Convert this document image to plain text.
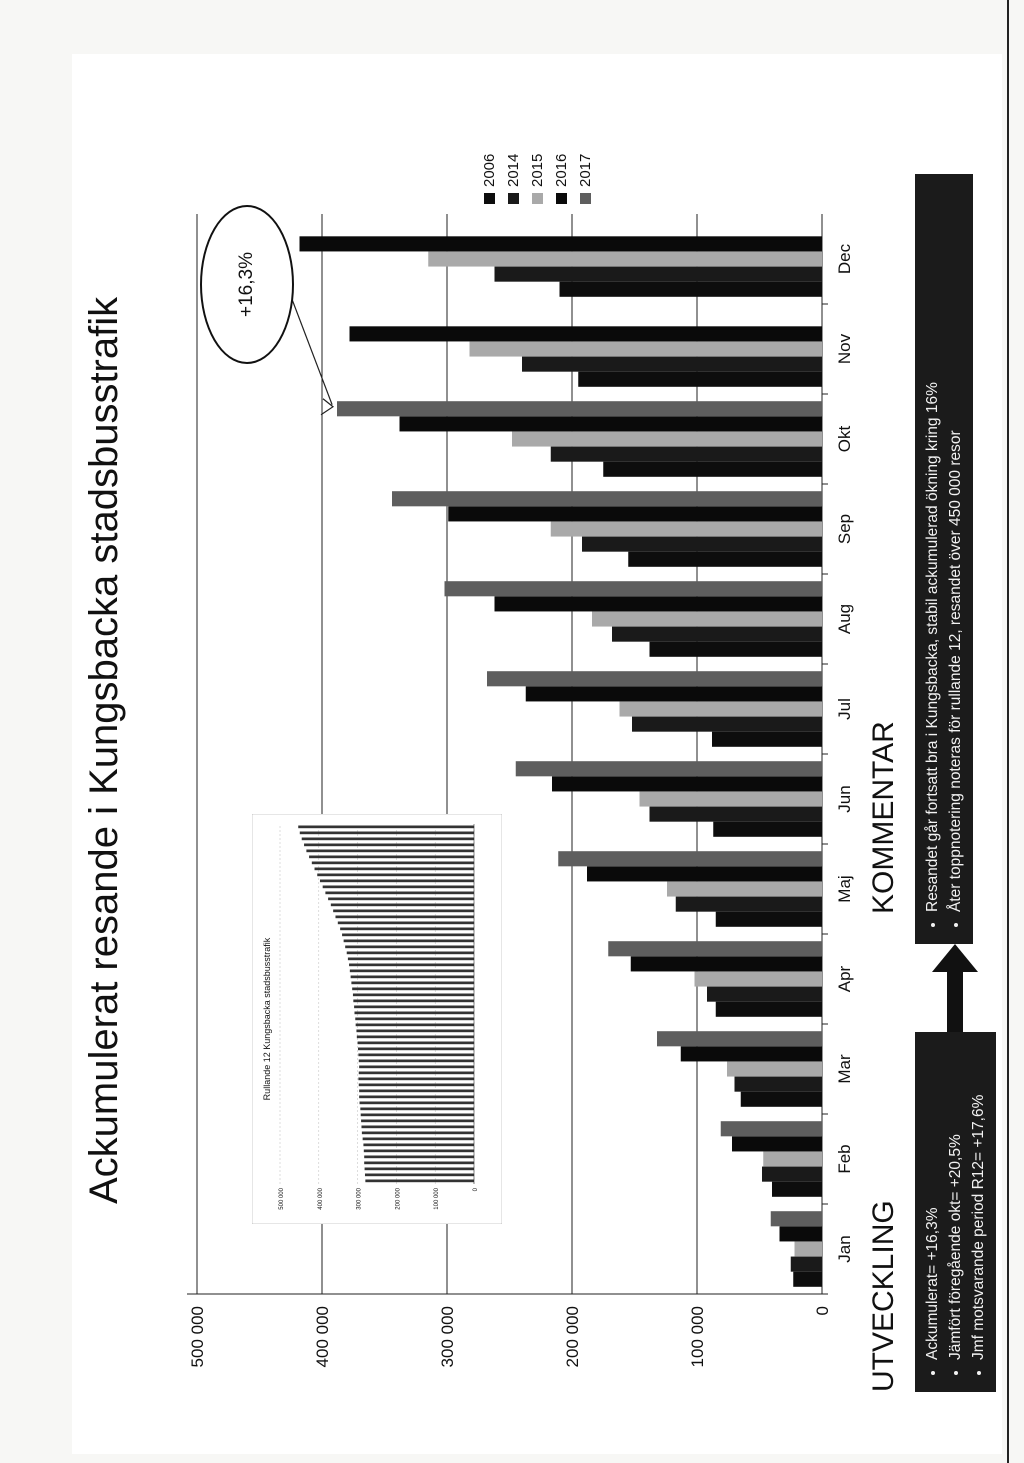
Ackumulerat resande i Kungsbacka stadsbusstrafik
0
100 000
200 000
300 000
400 000
500 000
Jan
Feb
Mar
Apr
Maj
Jun
Jul
Aug
Sep
Okt
Nov
Dec
Rullande 12 Kungsbacka stadsbusstrafik
0
100 000
200 000
300 000
400 000
500 000
+16,3%
2006 2014 2015 2016 2017
UTVECKLING • Ackumulerat= +16,3% • Jämfört föregående okt= +20,5% • Jmf motsvarande period R12= +17,6%
KOMMENTAR • Resandet går fortsatt bra i Kungsbacka, stabil ackumulerad ökning kring 16% • Åter toppnotering noteras för rullande 12, resandet över 450 000 resor
